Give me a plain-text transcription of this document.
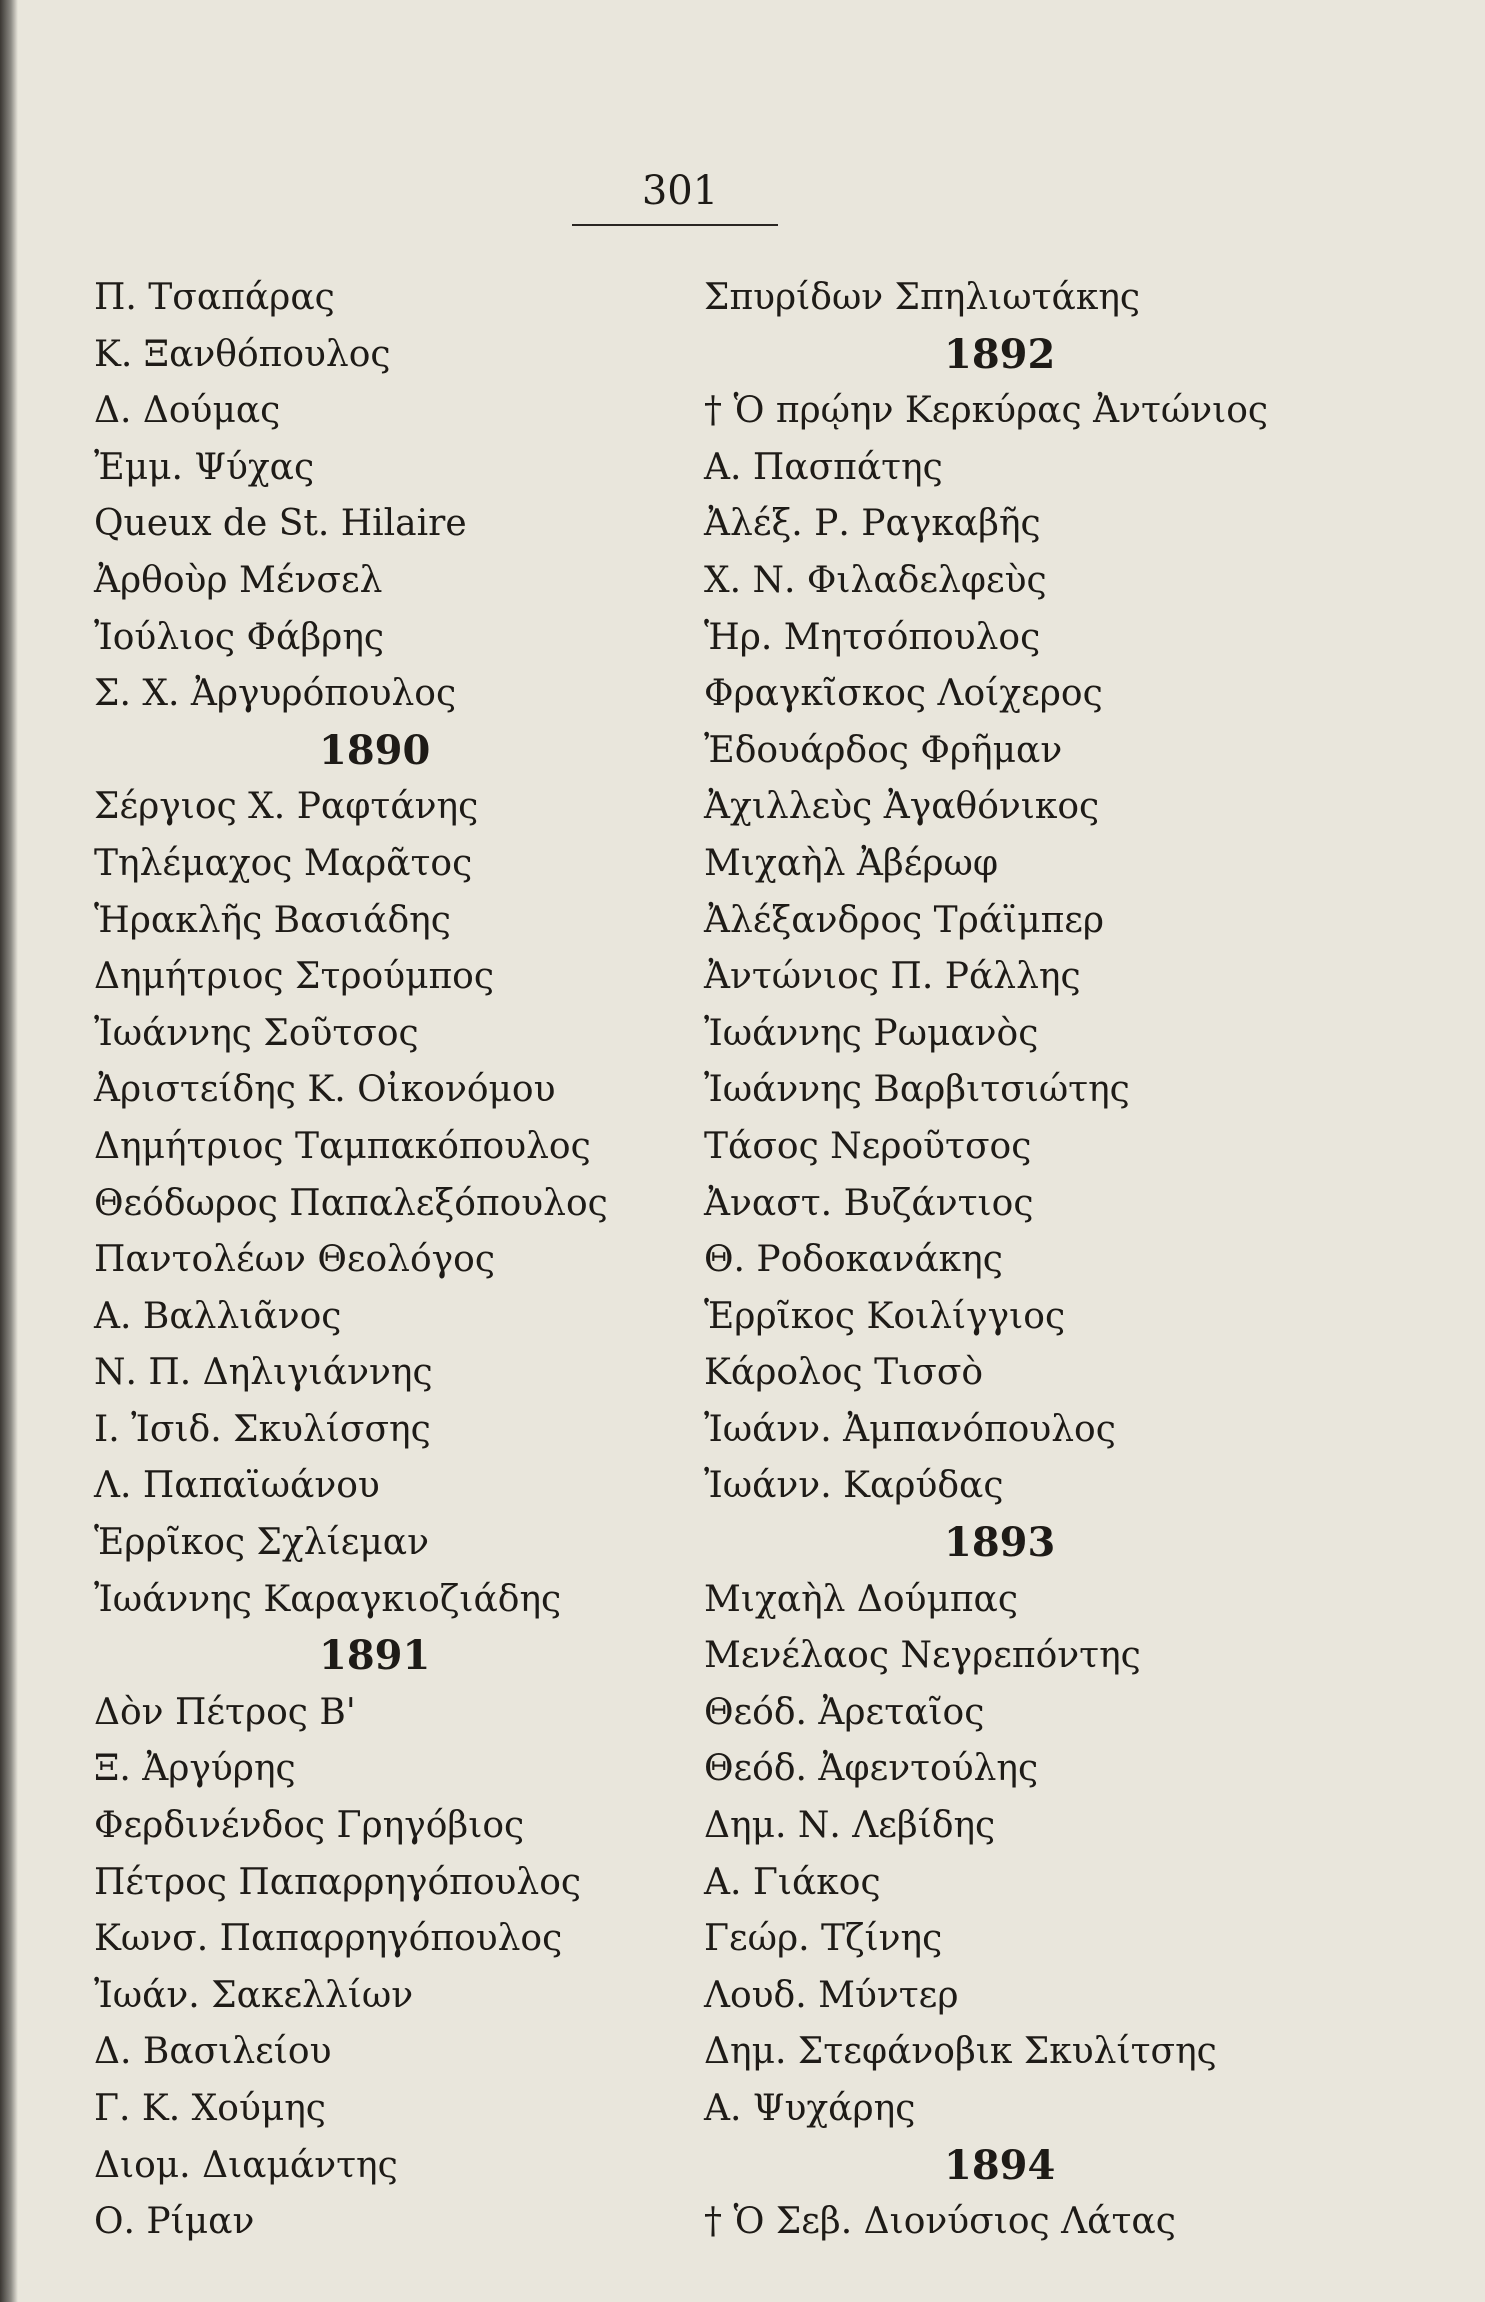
301
Π. Τσαπάρας
Κ. Ξανθόπουλος
Δ. Δούμας
Ἐμμ. Ψύχας
Queux de St. Hilaire
Ἀρθοὺρ Μένσελ
Ἰούλιος Φάβρης
Σ. Χ. Ἀργυρόπουλος
1890
Σέργιος Χ. Ραφτάνης
Τηλέμαχος Μαρᾶτος
Ἡρακλῆς Βασιάδης
Δημήτριος Στρούμπος
Ἰωάννης Σοῦτσος
Ἀριστείδης Κ. Οἰκονόμου
Δημήτριος Ταμπακόπουλος
Θεόδωρος Παπαλεξόπουλος
Παντολέων Θεολόγος
Α. Βαλλιᾶνος
Ν. Π. Δηλιγιάννης
Ι. Ἰσιδ. Σκυλίσσης
Λ. Παπαϊωάνου
Ἑρρῖκος Σχλίεμαν
Ἰωάννης Καραγκιοζιάδης
1891
Δὸν Πέτρος Β'
Ξ. Ἀργύρης
Φερδινένδος Γρηγόβιος
Πέτρος Παπαρρηγόπουλος
Κωνσ. Παπαρρηγόπουλος
Ἰωάν. Σακελλίων
Δ. Βασιλείου
Γ. Κ. Χούμης
Διομ. Διαμάντης
Ο. Ρίμαν
Σπυρίδων Σπηλιωτάκης
1892
† Ὁ πρῴην Κερκύρας Ἀντώνιος
Α. Πασπάτης
Ἀλέξ. Ρ. Ραγκαβῆς
Χ. Ν. Φιλαδελφεὺς
Ἡρ. Μητσόπουλος
Φραγκῖσκος Λοίχερος
Ἐδουάρδος Φρῆμαν
Ἀχιλλεὺς Ἀγαθόνικος
Μιχαὴλ Ἀβέρωφ
Ἀλέξανδρος Τράϊμπερ
Ἀντώνιος Π. Ράλλης
Ἰωάννης Ρωμανὸς
Ἰωάννης Βαρβιτσιώτης
Τάσος Νεροῦτσος
Ἀναστ. Βυζάντιος
Θ. Ροδοκανάκης
Ἑρρῖκος Κοιλίγγιος
Κάρολος Τισσὸ
Ἰωάνν. Ἀμπανόπουλος
Ἰωάνν. Καρύδας
1893
Μιχαὴλ Δούμπας
Μενέλαος Νεγρεπόντης
Θεόδ. Ἀρεταῖος
Θεόδ. Ἀφεντούλης
Δημ. Ν. Λεβίδης
Α. Γιάκος
Γεώρ. Τζίνης
Λουδ. Μύντερ
Δημ. Στεφάνοβικ Σκυλίτσης
Α. Ψυχάρης
1894
† Ὁ Σεβ. Διονύσιος Λάτας
